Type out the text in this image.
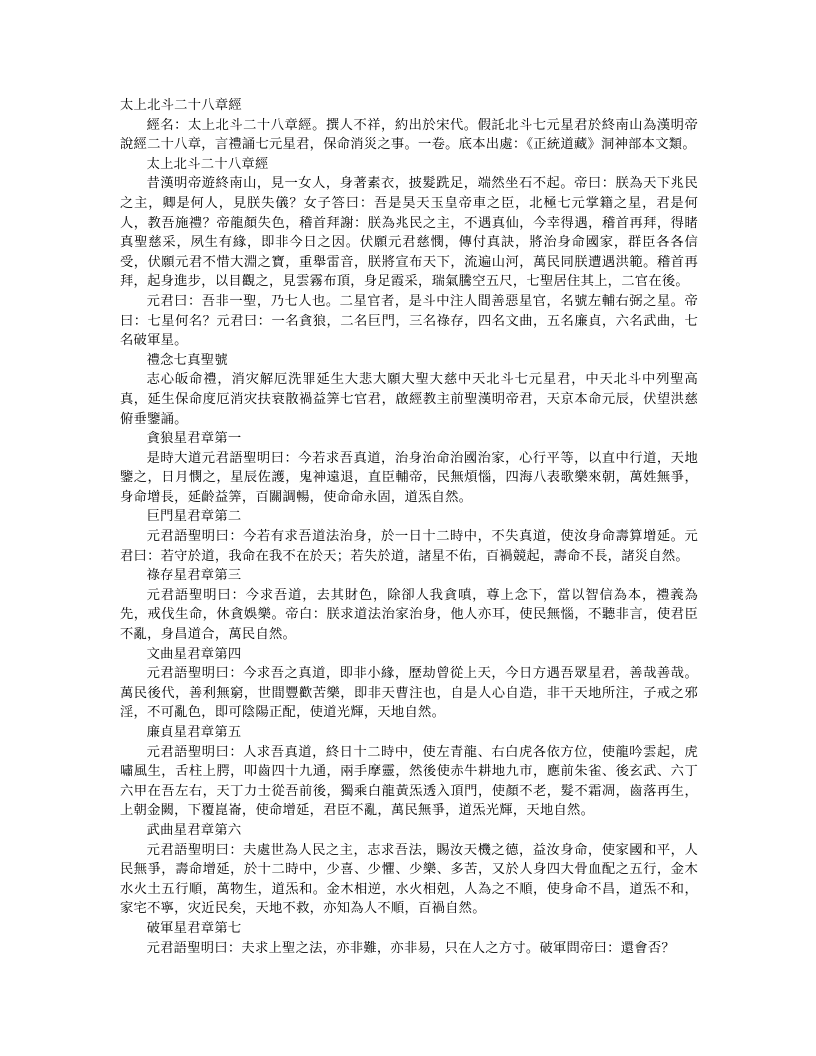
太上北斗二十八章經

經名：太上北斗二十八章經。撰人不祥，約出於宋代。假託北斗七元星君於終南山為漢明帝說經二十八章，言禮誦七元星君，保命消災之事。一卷。底本出處：《正統道藏》洞神部本文類。

太上北斗二十八章經

昔漢明帝遊終南山，見一女人，身著素衣，披髮跣足，端然坐石不起。帝曰：朕為天下兆民之主，卿是何人，見朕失儀？女子答曰：吾是昊天玉皇帝車之臣，北極七元掌籍之星，君是何人，教吾施禮？帝龍顏失色，稽首拜謝：朕為兆民之主，不遇真仙，今幸得遇，稽首再拜，得睹真聖慈采，夙生有緣，即非今日之因。伏願元君慈憫，傳付真訣，將治身命國家，群臣各各信受，伏願元君不惜大淵之寶，重舉雷音，朕將宣布天下，流遍山河，萬民同朕遭遇洪範。稽首再拜，起身進步，以目觀之，見雲霧布頂，身足霞采，瑞氣騰空五尺，七聖居住其上，二官在後。

元君曰：吾非一聖，乃七人也。二星官者，是斗中注人間善惡星官，名號左輔右弼之星。帝曰：七星何名？元君曰：一名貪狼，二名巨門，三名祿存，四名文曲，五名廉貞，六名武曲，七名破軍星。

禮念七真聖號

志心皈命禮，消灾解厄洗罪延生大悲大願大聖大慈中天北斗七元星君，中天北斗中列聖高真，延生保命度厄消灾扶衰散禍益筭七官君，啟經教主前聖漢明帝君，天京本命元辰，伏望洪慈俯垂鑒誦。

貪狼星君章第一

是時大道元君語聖明曰：今若求吾真道，治身治命治國治家，心行平等，以直中行道，天地鑒之，日月憫之，星辰佐護，鬼神遠退，直臣輔帝，民無煩惱，四海八表歌樂來朝，萬姓無爭，身命增長，延齡益筭，百關調暢，使命命永固，道炁自然。

巨門星君章第二

元君語聖明曰：今若有求吾道法治身，於一日十二時中，不失真道，使汝身命壽算增延。元君曰：若守於道，我命在我不在於天；若失於道，諸星不佑，百禍競起，壽命不長，諸災自然。

祿存星君章第三

元君語聖明曰：今求吾道，去其財色，除卻人我貪嗔，尊上念下，當以智信為本，禮義為先，戒伐生命，休貪娛樂。帝白：朕求道法治家治身，他人亦耳，使民無惱，不聽非言，使君臣不亂，身昌道合，萬民自然。

文曲星君章第四

元君語聖明曰：今求吾之真道，即非小緣，歷劫曾從上天，今日方遇吾眾星君，善哉善哉。萬民後代，善利無窮，世間豐歡苦樂，即非天曹注也，自是人心自造，非干天地所注，子戒之邪淫，不可亂色，即可陰陽正配，使道光輝，天地自然。

廉貞星君章第五

元君語聖明曰：人求吾真道，終日十二時中，使左青龍、右白虎各依方位，使龍吟雲起，虎嘯風生，舌柱上腭，叩齒四十九通，兩手摩靈，然後使赤牛耕地九市，應前朱雀、後玄武、六丁六甲在吾左右，天丁力士從吾前後，獨乘白龍黃炁透入頂門，使顏不老，髮不霜凋，齒落再生，上朝金闕，下覆崑崙，使命增延，君臣不亂，萬民無爭，道炁光輝，天地自然。

武曲星君章第六

元君語聖明曰：夫處世為人民之主，志求吾法，賜汝天機之德，益汝身命，使家國和平，人民無爭，壽命增延，於十二時中，少喜、少懼、少樂、多苦，又於人身四大骨血配之五行，金木水火土五行順，萬物生，道炁和。金木相逆，水火相剋，人為之不順，使身命不昌，道炁不和，家宅不寧，灾近民矣，天地不救，亦知為人不順，百禍自然。

破軍星君章第七

元君語聖明曰：夫求上聖之法，亦非難，亦非易，只在人之方寸。破軍問帝曰：還會否？
